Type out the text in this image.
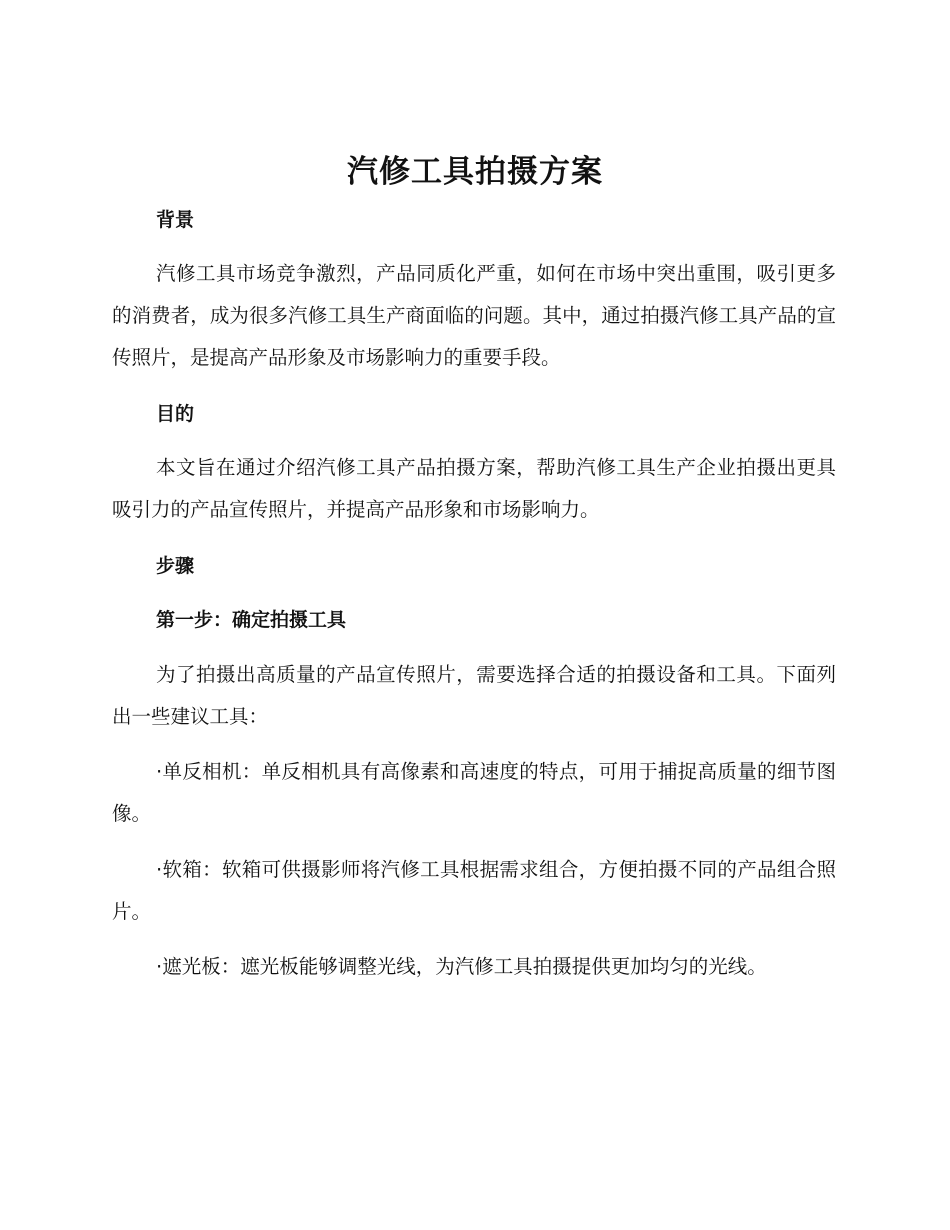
汽修工具拍摄方案
背景
汽修工具市场竞争激烈，产品同质化严重，如何在市场中突出重围，吸引更多的消费者，成为很多汽修工具生产商面临的问题。其中，通过拍摄汽修工具产品的宣传照片，是提高产品形象及市场影响力的重要手段。
目的
本文旨在通过介绍汽修工具产品拍摄方案，帮助汽修工具生产企业拍摄出更具吸引力的产品宣传照片，并提高产品形象和市场影响力。
步骤
第一步：确定拍摄工具
为了拍摄出高质量的产品宣传照片，需要选择合适的拍摄设备和工具。下面列出一些建议工具：
·单反相机：单反相机具有高像素和高速度的特点，可用于捕捉高质量的细节图像。
·软箱：软箱可供摄影师将汽修工具根据需求组合，方便拍摄不同的产品组合照片。
·遮光板：遮光板能够调整光线，为汽修工具拍摄提供更加均匀的光线。
